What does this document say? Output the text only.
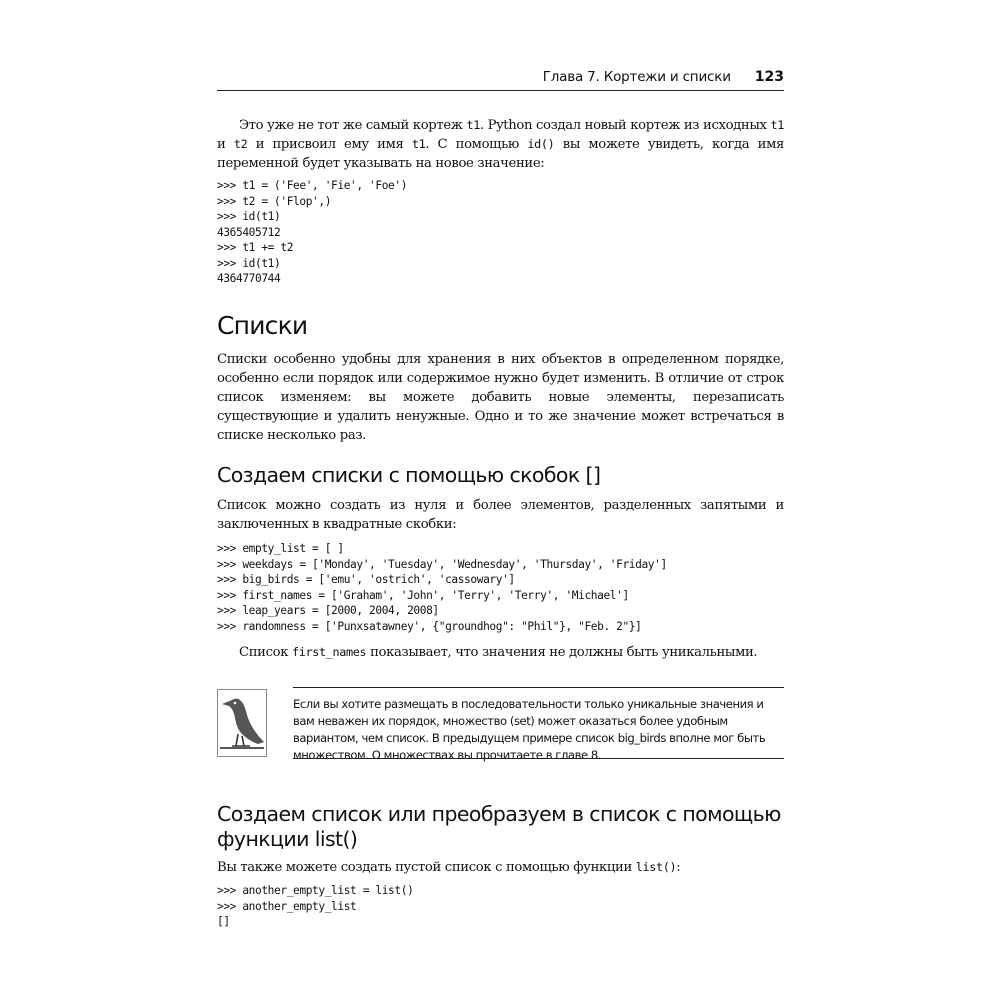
Глава 7. Кортежи и списки 123

Это уже не тот же самый кортеж t1. Python создал новый кортеж из исходных t1 и t2 и присвоил ему имя t1. С помощью id() вы можете увидеть, когда имя переменной будет указывать на новое значение:

>>> t1 = ('Fee', 'Fie', 'Foe')
>>> t2 = ('Flop',)
>>> id(t1)
4365405712
>>> t1 += t2
>>> id(t1)
4364770744
Списки

Списки особенно удобны для хранения в них объектов в определенном порядке, особенно если порядок или содержимое нужно будет изменить. В отличие от строк список изменяем: вы можете добавить новые элементы, перезаписать существующие и удалить ненужные. Одно и то же значение может встречаться в списке несколько раз.

Создаем списки с помощью скобок []

Список можно создать из нуля и более элементов, разделенных запятыми и заключенных в квадратные скобки:

>>> empty_list = [ ]
>>> weekdays = ['Monday', 'Tuesday', 'Wednesday', 'Thursday', 'Friday']
>>> big_birds = ['emu', 'ostrich', 'cassowary']
>>> first_names = ['Graham', 'John', 'Terry', 'Terry', 'Michael']
>>> leap_years = [2000, 2004, 2008]
>>> randomness = ['Punxsatawney', {"groundhog": "Phil"}, "Feb. 2"}]

Список first_names показывает, что значения не должны быть уникальными.

Если вы хотите размещать в последовательности только уникальные значения и вам неважен их порядок, множество (set) может оказаться более удобным вариантом, чем список. В предыдущем примере список big_birds вполне мог быть множеством. О множествах вы прочитаете в главе 8.
Создаем список или преобразуем в список с помощью функции list()

Вы также можете создать пустой список с помощью функции list():

>>> another_empty_list = list()
>>> another_empty_list
[]
